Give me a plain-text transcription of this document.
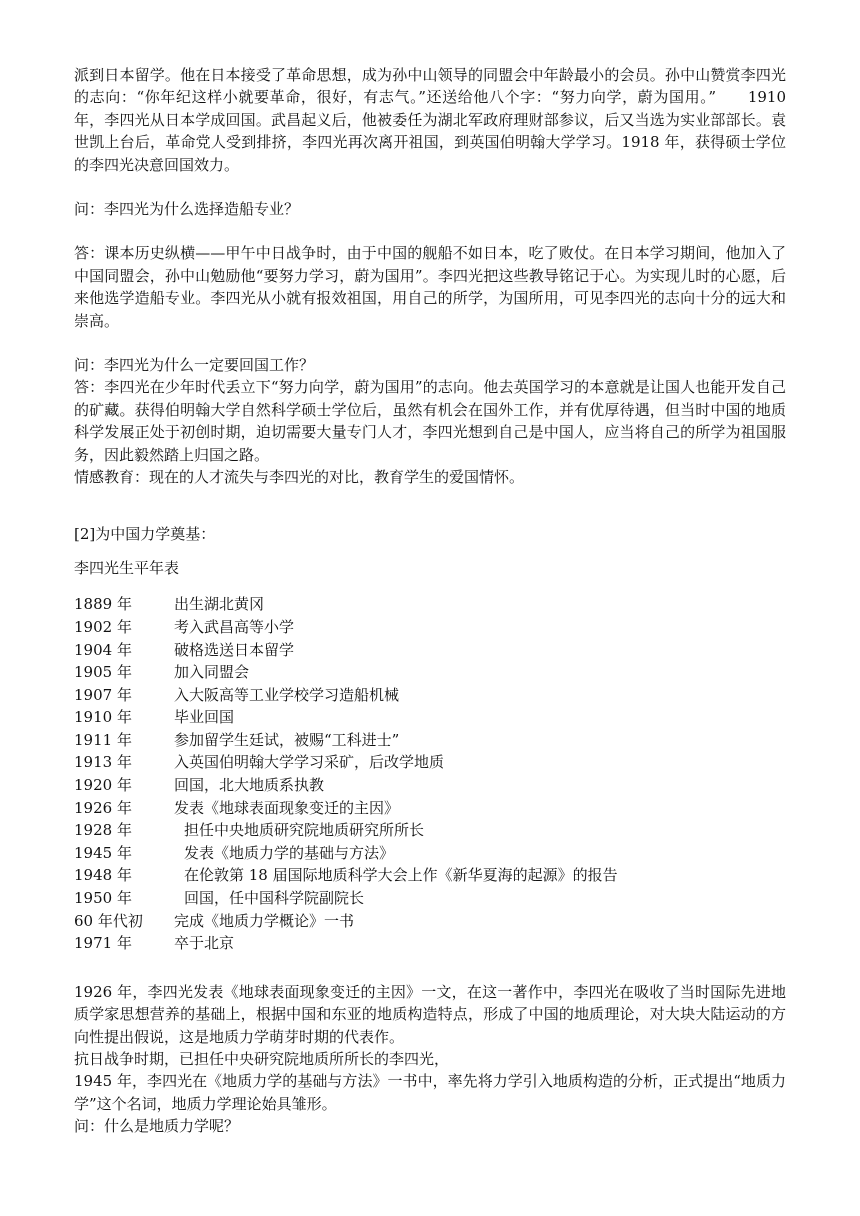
派到日本留学。他在日本接受了革命思想，成为孙中山领导的同盟会中年龄最小的会员。孙中山赞赏李四光的志向：“你年纪这样小就要革命，很好，有志气。”还送给他八个字：“努力向学，蔚为国用。”　　1910 年，李四光从日本学成回国。武昌起义后，他被委任为湖北军政府理财部参议，后又当选为实业部部长。袁世凯上台后，革命党人受到排挤，李四光再次离开祖国，到英国伯明翰大学学习。1918 年，获得硕士学位的李四光决意回国效力。

问：李四光为什么选择造船专业？

答：课本历史纵横——甲午中日战争时，由于中国的舰船不如日本，吃了败仗。在日本学习期间，他加入了中国同盟会，孙中山勉励他“要努力学习，蔚为国用”。李四光把这些教导铭记于心。为实现儿时的心愿，后来他选学造船专业。李四光从小就有报效祖国，用自己的所学，为国所用，可见李四光的志向十分的远大和崇高。

问：李四光为什么一定要回国工作？

答：李四光在少年时代丢立下“努力向学，蔚为国用”的志向。他去英国学习的本意就是让国人也能开发自己的矿藏。获得伯明翰大学自然科学硕士学位后，虽然有机会在国外工作，并有优厚待遇，但当时中国的地质科学发展正处于初创时期，迫切需要大量专门人才，李四光想到自己是中国人，应当将自己的所学为祖国服务，因此毅然踏上归国之路。

情感教育：现在的人才流失与李四光的对比，教育学生的爱国情怀。

[2]为中国力学奠基：

李四光生平年表

1889 年	出生湖北黄冈
1902 年	考入武昌高等小学
1904 年	破格选送日本留学
1905 年	加入同盟会
1907 年	入大阪高等工业学校学习造船机械
1910 年	毕业回国
1911 年	参加留学生廷试，被赐“工科进士”
1913 年	入英国伯明翰大学学习采矿，后改学地质
1920 年	回国，北大地质系执教
1926 年	发表《地球表面现象变迁的主因》
1928 年	担任中央地质研究院地质研究所所长
1945 年	发表《地质力学的基础与方法》
1948 年	在伦敦第 18 届国际地质科学大会上作《新华夏海的起源》的报告
1950 年	回国，任中国科学院副院长
60 年代初	完成《地质力学概论》一书
1971 年	卒于北京

1926 年，李四光发表《地球表面现象变迁的主因》一文，在这一著作中，李四光在吸收了当时国际先进地质学家思想营养的基础上，根据中国和东亚的地质构造特点，形成了中国的地质理论，对大块大陆运动的方向性提出假说，这是地质力学萌芽时期的代表作。

抗日战争时期，已担任中央研究院地质所所长的李四光，

1945 年，李四光在《地质力学的基础与方法》一书中，率先将力学引入地质构造的分析，正式提出“地质力学”这个名词，地质力学理论始具雏形。

问：什么是地质力学呢？
